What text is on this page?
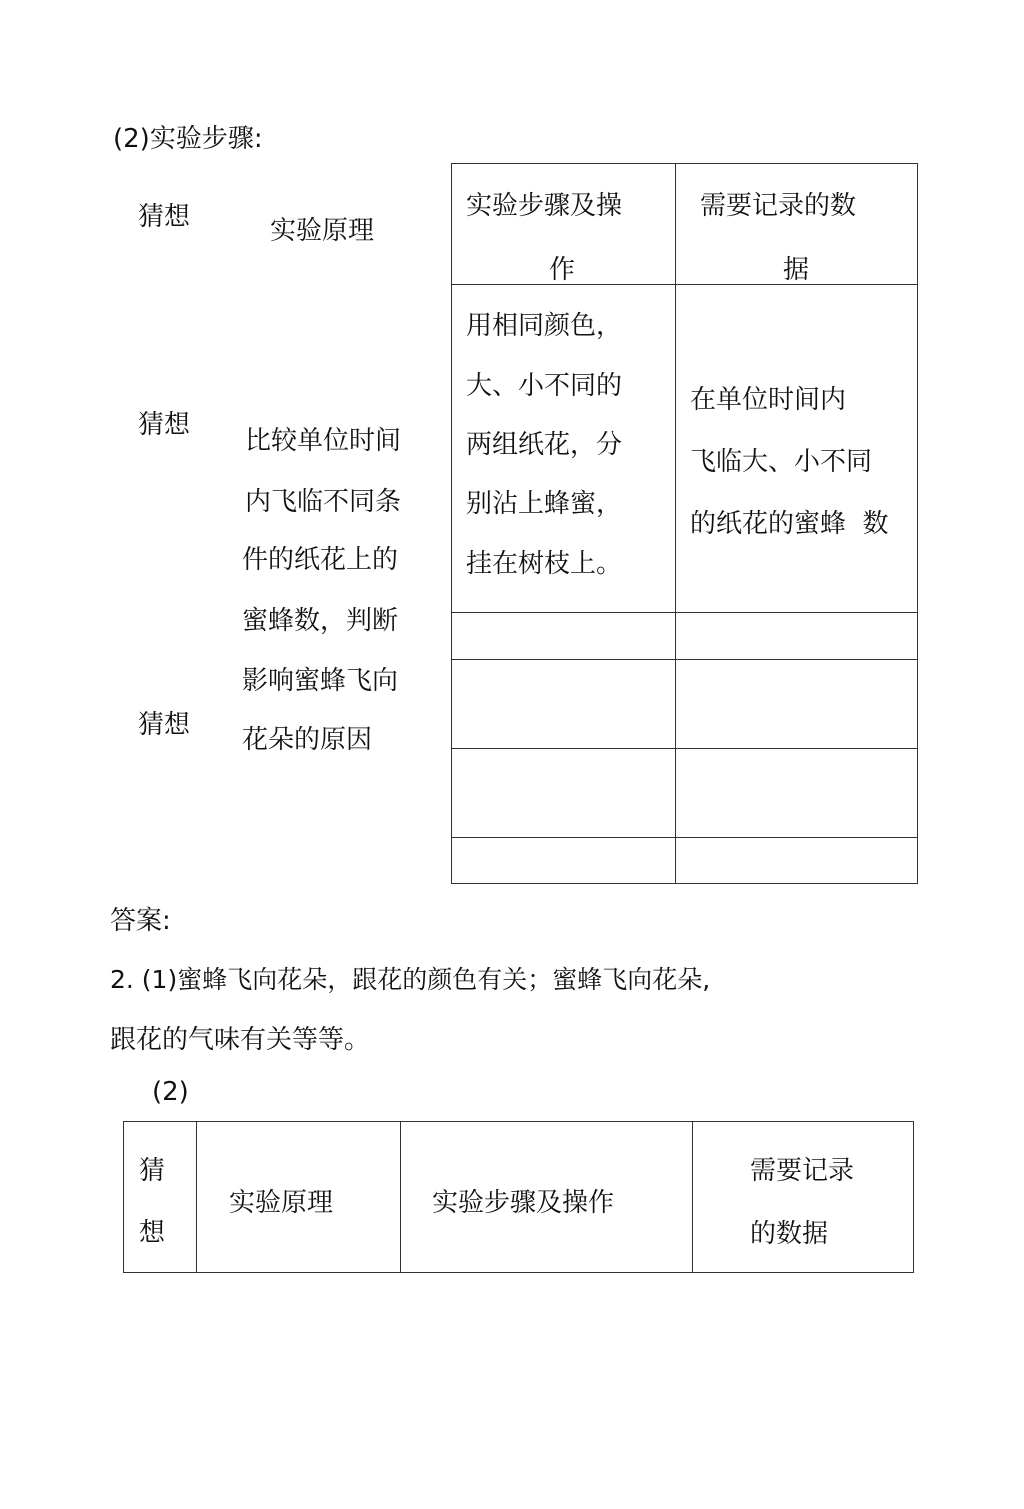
(2)实验步骤:
猜想	实验原理
猜想
猜想
比较单位时间
内飞临不同条
件的纸花上的
蜜蜂数，判断
影响蜜蜂飞向
花朵的原因
实验步骤及操
作
需要记录的数
据
用相同颜色，
大、小不同的
两组纸花，分
别沾上蜂蜜，
挂在树枝上。
在单位时间内
飞临大、小不同
的纸花的蜜蜂  数
答案:
2. (1)蜜蜂飞向花朵，跟花的颜色有关；蜜蜂飞向花朵,
跟花的气味有关等等。
(2)
猜
想
实验原理	实验步骤及操作
需要记录
的数据
